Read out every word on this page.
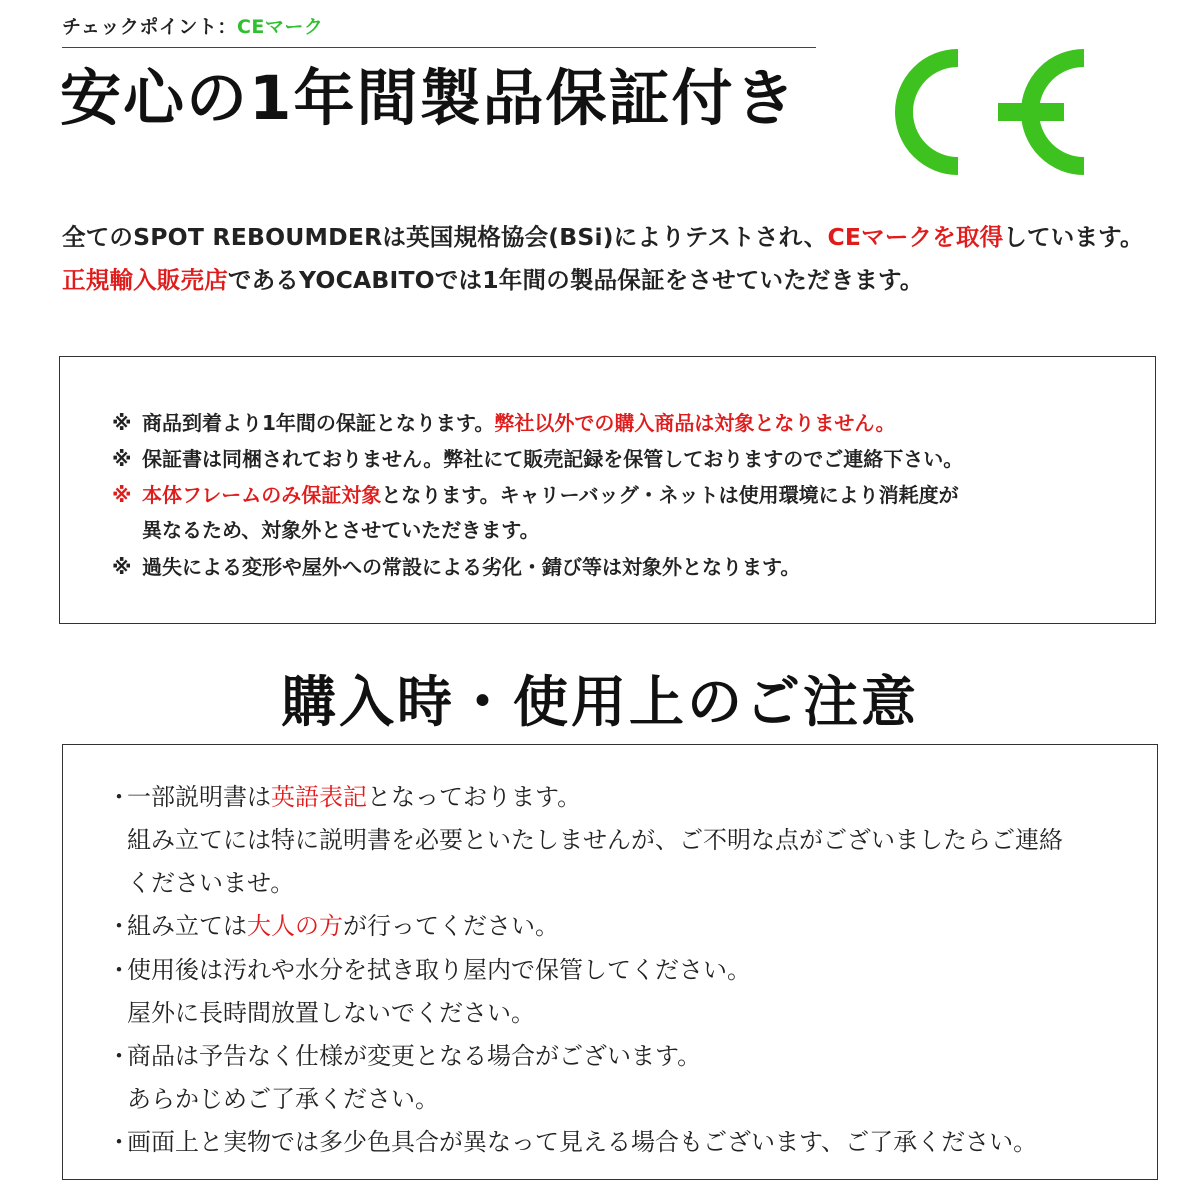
チェックポイント：CEマーク
安心の1年間製品保証付き
全てのSPOT REBOUMDERは英国規格協会(BSi)によりテストされ、CEマークを取得しています。
正規輸入販売店であるYOCABITOでは1年間の製品保証をさせていただきます。
※ 商品到着より1年間の保証となります。弊社以外での購入商品は対象となりません。
※ 保証書は同梱されておりません。弊社にて販売記録を保管しておりますのでご連絡下さい。
※ 本体フレームのみ保証対象となります。キャリーバッグ・ネットは使用環境により消耗度が
異なるため、対象外とさせていただきます。
※ 過失による変形や屋外への常設による劣化・錆び等は対象外となります。
購入時・使用上のご注意
・一部説明書は英語表記となっております。
組み立てには特に説明書を必要といたしませんが、ご不明な点がございましたらご連絡
くださいませ。
・組み立ては大人の方が行ってください。
・使用後は汚れや水分を拭き取り屋内で保管してください。
屋外に長時間放置しないでください。
・商品は予告なく仕様が変更となる場合がございます。
あらかじめご了承ください。
・画面上と実物では多少色具合が異なって見える場合もございます、ご了承ください。
